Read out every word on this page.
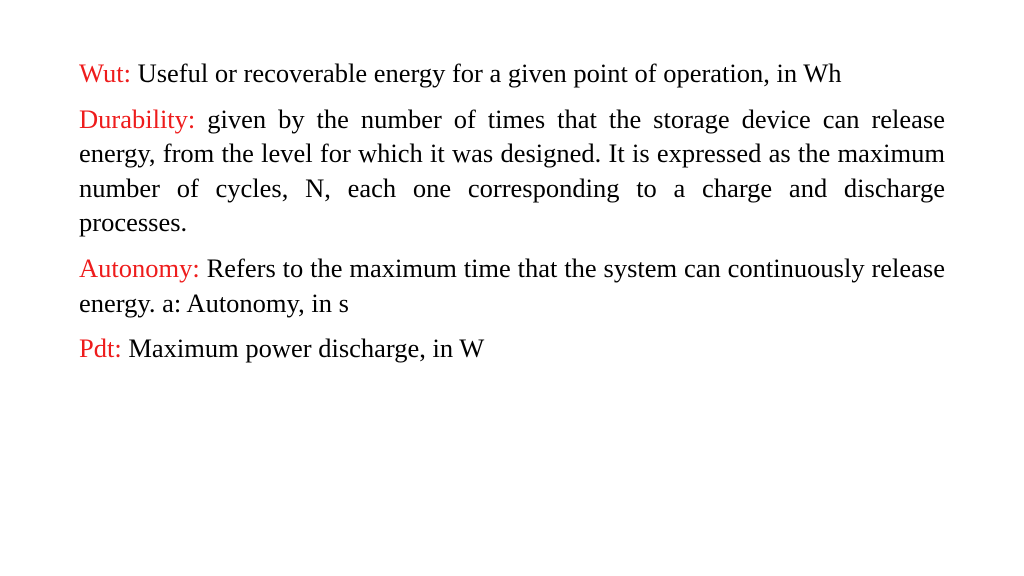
Wut: Useful or recoverable energy for a given point of operation, in Wh

Durability: given by the number of times that the storage device can release energy, from the level for which it was designed. It is expressed as the maximum number of cycles, N, each one corresponding to a charge and discharge processes.

Autonomy: Refers to the maximum time that the system can continuously release energy. a: Autonomy, in s

Pdt: Maximum power discharge, in W
